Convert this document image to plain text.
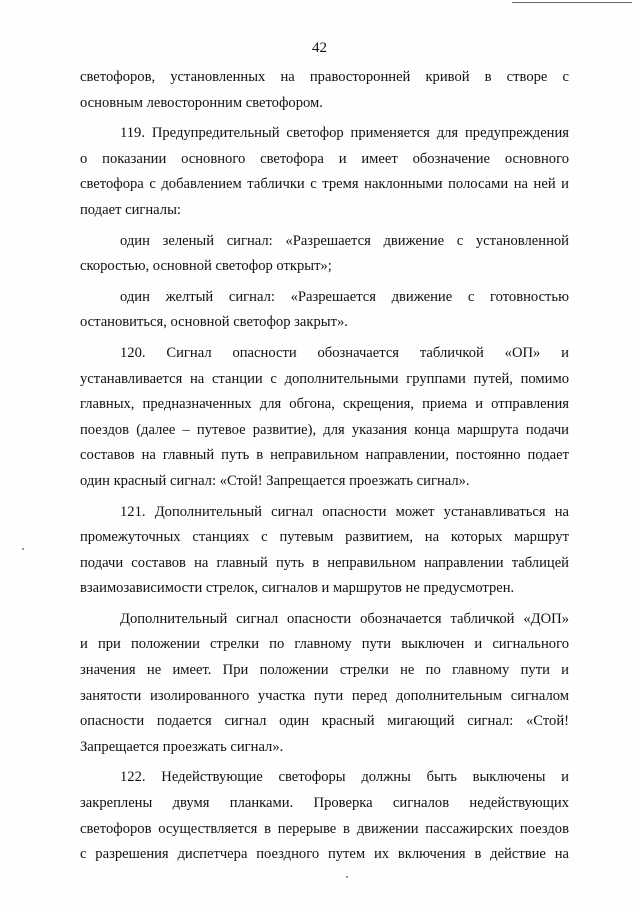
42

светофоров, установленных на правосторонней кривой в створе с

основным левосторонним светофором.

119. Предупредительный светофор применяется для предупреждения

о показании основного светофора и имеет обозначение основного

светофора с добавлением таблички с тремя наклонными полосами на ней и

подает сигналы:

один зеленый сигнал: «Разрешается движение с установленной

скоростью, основной светофор открыт»;

один желтый сигнал: «Разрешается движение с готовностью

остановиться, основной светофор закрыт».

120. Сигнал опасности обозначается табличкой «ОП» и

устанавливается на станции с дополнительными группами путей, помимо

главных, предназначенных для обгона, скрещения, приема и отправления

поездов (далее – путевое развитие), для указания конца маршрута подачи

составов на главный путь в неправильном направлении, постоянно подает

один красный сигнал: «Стой! Запрещается проезжать сигнал».

121. Дополнительный сигнал опасности может устанавливаться на

промежуточных станциях с путевым развитием, на которых маршрут

подачи составов на главный путь в неправильном направлении таблицей

взаимозависимости стрелок, сигналов и маршрутов не предусмотрен.

Дополнительный сигнал опасности обозначается табличкой «ДОП»

и при положении стрелки по главному пути выключен и сигнального

значения не имеет. При положении стрелки не по главному пути и

занятости изолированного участка пути перед дополнительным сигналом

опасности подается сигнал один красный мигающий сигнал: «Стой!

Запрещается проезжать сигнал».

122. Недействующие светофоры должны быть выключены и

закреплены двумя планками. Проверка сигналов недействующих

светофоров осуществляется в перерыве в движении пассажирских поездов

с разрешения диспетчера поездного путем их включения в действие на
